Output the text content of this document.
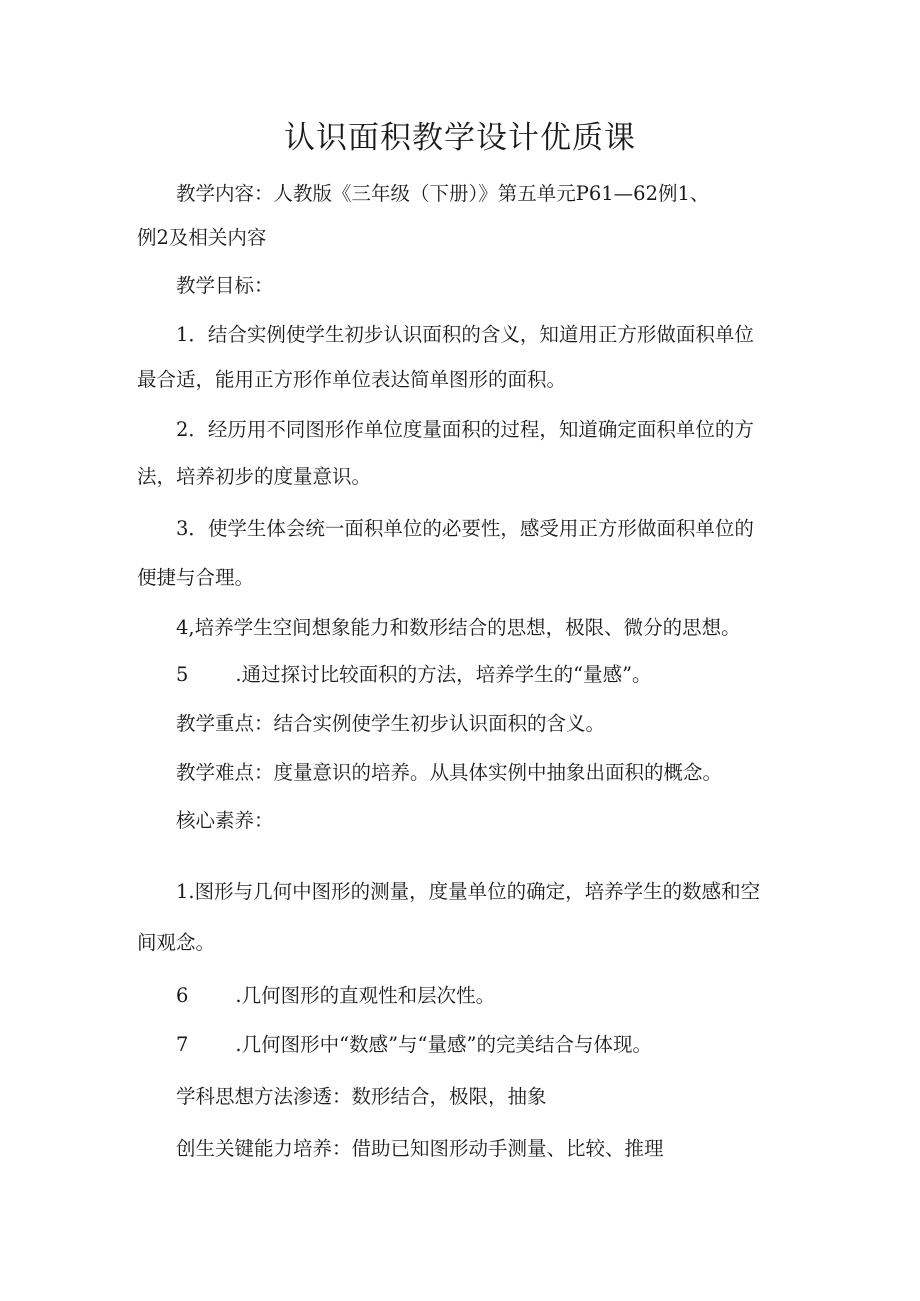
认识面积教学设计优质课
教学内容：人教版《三年级（下册）》第五单元P61—62例1、
例2及相关内容
教学目标：
1．结合实例使学生初步认识面积的含义，知道用正方形做面积单位
最合适，能用正方形作单位表达简单图形的面积。
2．经历用不同图形作单位度量面积的过程，知道确定面积单位的方
法，培养初步的度量意识。
3．使学生体会统一面积单位的必要性，感受用正方形做面积单位的
便捷与合理。
4,培养学生空间想象能力和数形结合的思想，极限、微分的思想。
5 .通过探讨比较面积的方法，培养学生的“量感”。
教学重点：结合实例使学生初步认识面积的含义。
教学难点：度量意识的培养。从具体实例中抽象出面积的概念。
核心素养：
1.图形与几何中图形的测量，度量单位的确定，培养学生的数感和空
间观念。
6 .几何图形的直观性和层次性。
7 .几何图形中“数感”与“量感”的完美结合与体现。
学科思想方法渗透：数形结合，极限，抽象
创生关键能力培养：借助已知图形动手测量、比较、推理
